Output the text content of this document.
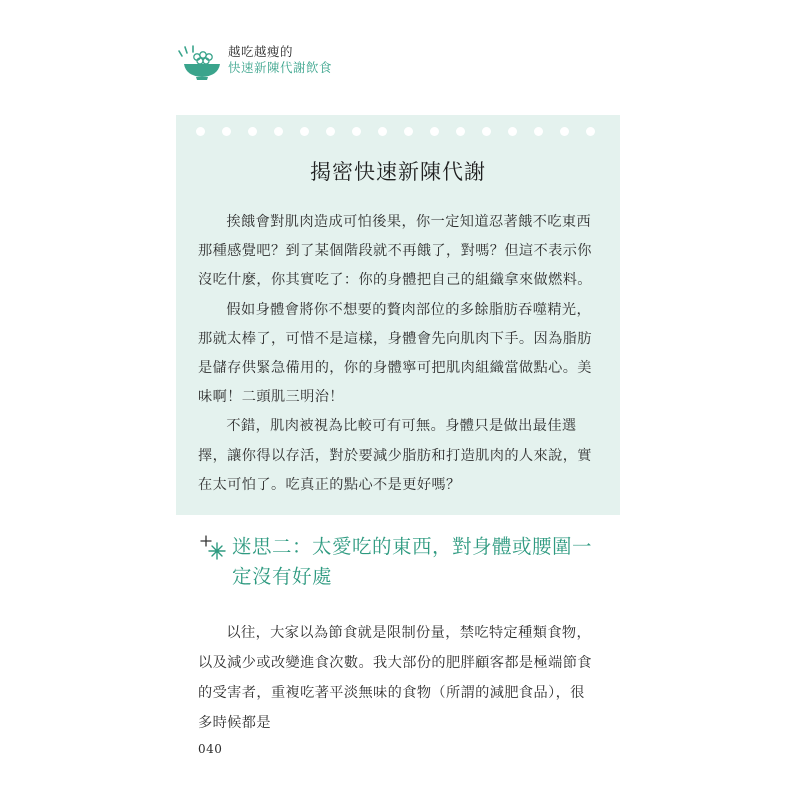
越吃越瘦的
快速新陳代謝飲食
揭密快速新陳代謝

挨餓會對肌肉造成可怕後果，你一定知道忍著餓不吃東西那種感覺吧？到了某個階段就不再餓了，對嗎？但這不表示你沒吃什麼，你其實吃了：你的身體把自己的組織拿來做燃料。

假如身體會將你不想要的贅肉部位的多餘脂肪吞噬精光，那就太棒了，可惜不是這樣，身體會先向肌肉下手。因為脂肪是儲存供緊急備用的，你的身體寧可把肌肉組織當做點心。美味啊！二頭肌三明治！

不錯，肌肉被視為比較可有可無。身體只是做出最佳選擇，讓你得以存活，對於要減少脂肪和打造肌肉的人來說，實在太可怕了。吃真正的點心不是更好嗎？

迷思二：太愛吃的東西，對身體或腰圍一定沒有好處

以往，大家以為節食就是限制份量，禁吃特定種類食物，以及減少或改變進食次數。我大部份的肥胖顧客都是極端節食的受害者，重複吃著平淡無味的食物（所謂的減肥食品），很多時候都是

040
